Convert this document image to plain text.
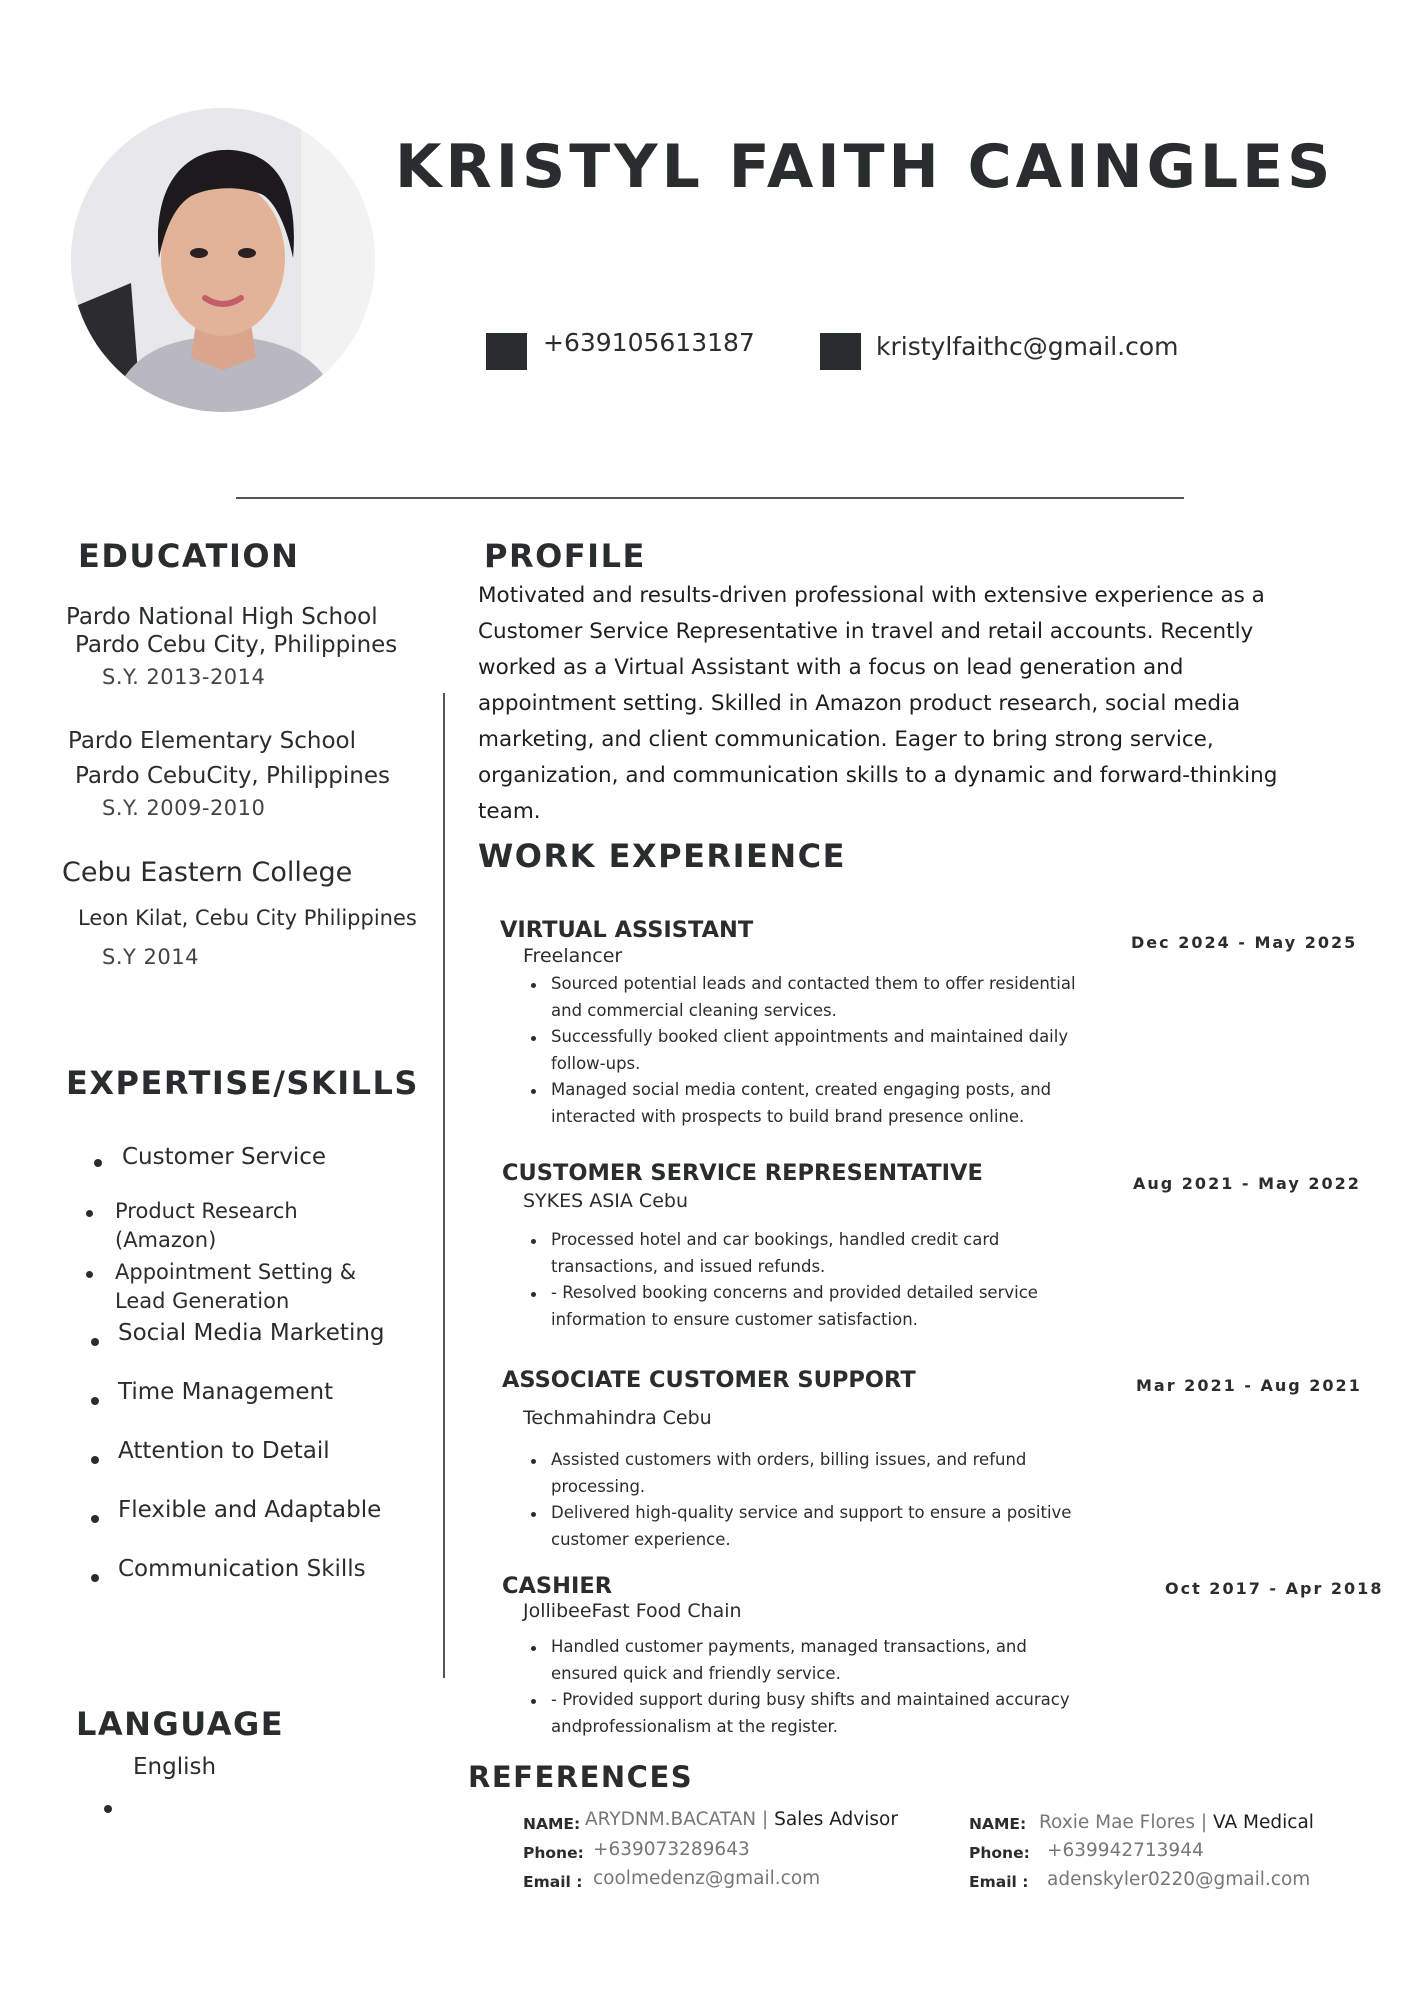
KRISTYL FAITH CAINGLES
+639105613187	kristylfaithc@gmail.com
EDUCATION
Pardo National High School
Pardo Cebu City, Philippines
S.Y. 2013-2014
Pardo Elementary School
Pardo CebuCity, Philippines
S.Y. 2009-2010
Cebu Eastern College
Leon Kilat, Cebu City Philippines
S.Y 2014
EXPERTISE/SKILLS
Customer Service
Product Research (Amazon)
Appointment Setting & Lead Generation
Social Media Marketing
Time Management
Attention to Detail
Flexible and Adaptable
Communication Skills
LANGUAGE
English
PROFILE
Motivated and results-driven professional with extensive experience as a Customer Service Representative in travel and retail accounts. Recently worked as a Virtual Assistant with a focus on lead generation and appointment setting. Skilled in Amazon product research, social media marketing, and client communication. Eager to bring strong service, organization, and communication skills to a dynamic and forward-thinking team.
WORK EXPERIENCE
VIRTUAL ASSISTANT
Freelancer
Dec 2024 - May 2025
Sourced potential leads and contacted them to offer residential and commercial cleaning services.
Successfully booked client appointments and maintained daily follow-ups.
Managed social media content, created engaging posts, and interacted with prospects to build brand presence online.
CUSTOMER SERVICE REPRESENTATIVE
SYKES ASIA Cebu
Aug 2021 - May 2022
Processed hotel and car bookings, handled credit card transactions, and issued refunds.
- Resolved booking concerns and provided detailed service information to ensure customer satisfaction.
ASSOCIATE CUSTOMER SUPPORT
Techmahindra Cebu
Mar 2021 - Aug 2021
Assisted customers with orders, billing issues, and refund processing.
Delivered high-quality service and support to ensure a positive customer experience.
CASHIER
JollibeeFast Food Chain
Oct 2017 - Apr 2018
Handled customer payments, managed transactions, and ensured quick and friendly service.
- Provided support during busy shifts and maintained accuracy andprofessionalism at the register.
REFERENCES
NAME: ARYDNM.BACATAN | Sales Advisor
Phone: +639073289643
Email : coolmedenz@gmail.com
NAME: Roxie Mae Flores | VA Medical
Phone: +639942713944
Email : adenskyler0220@gmail.com
